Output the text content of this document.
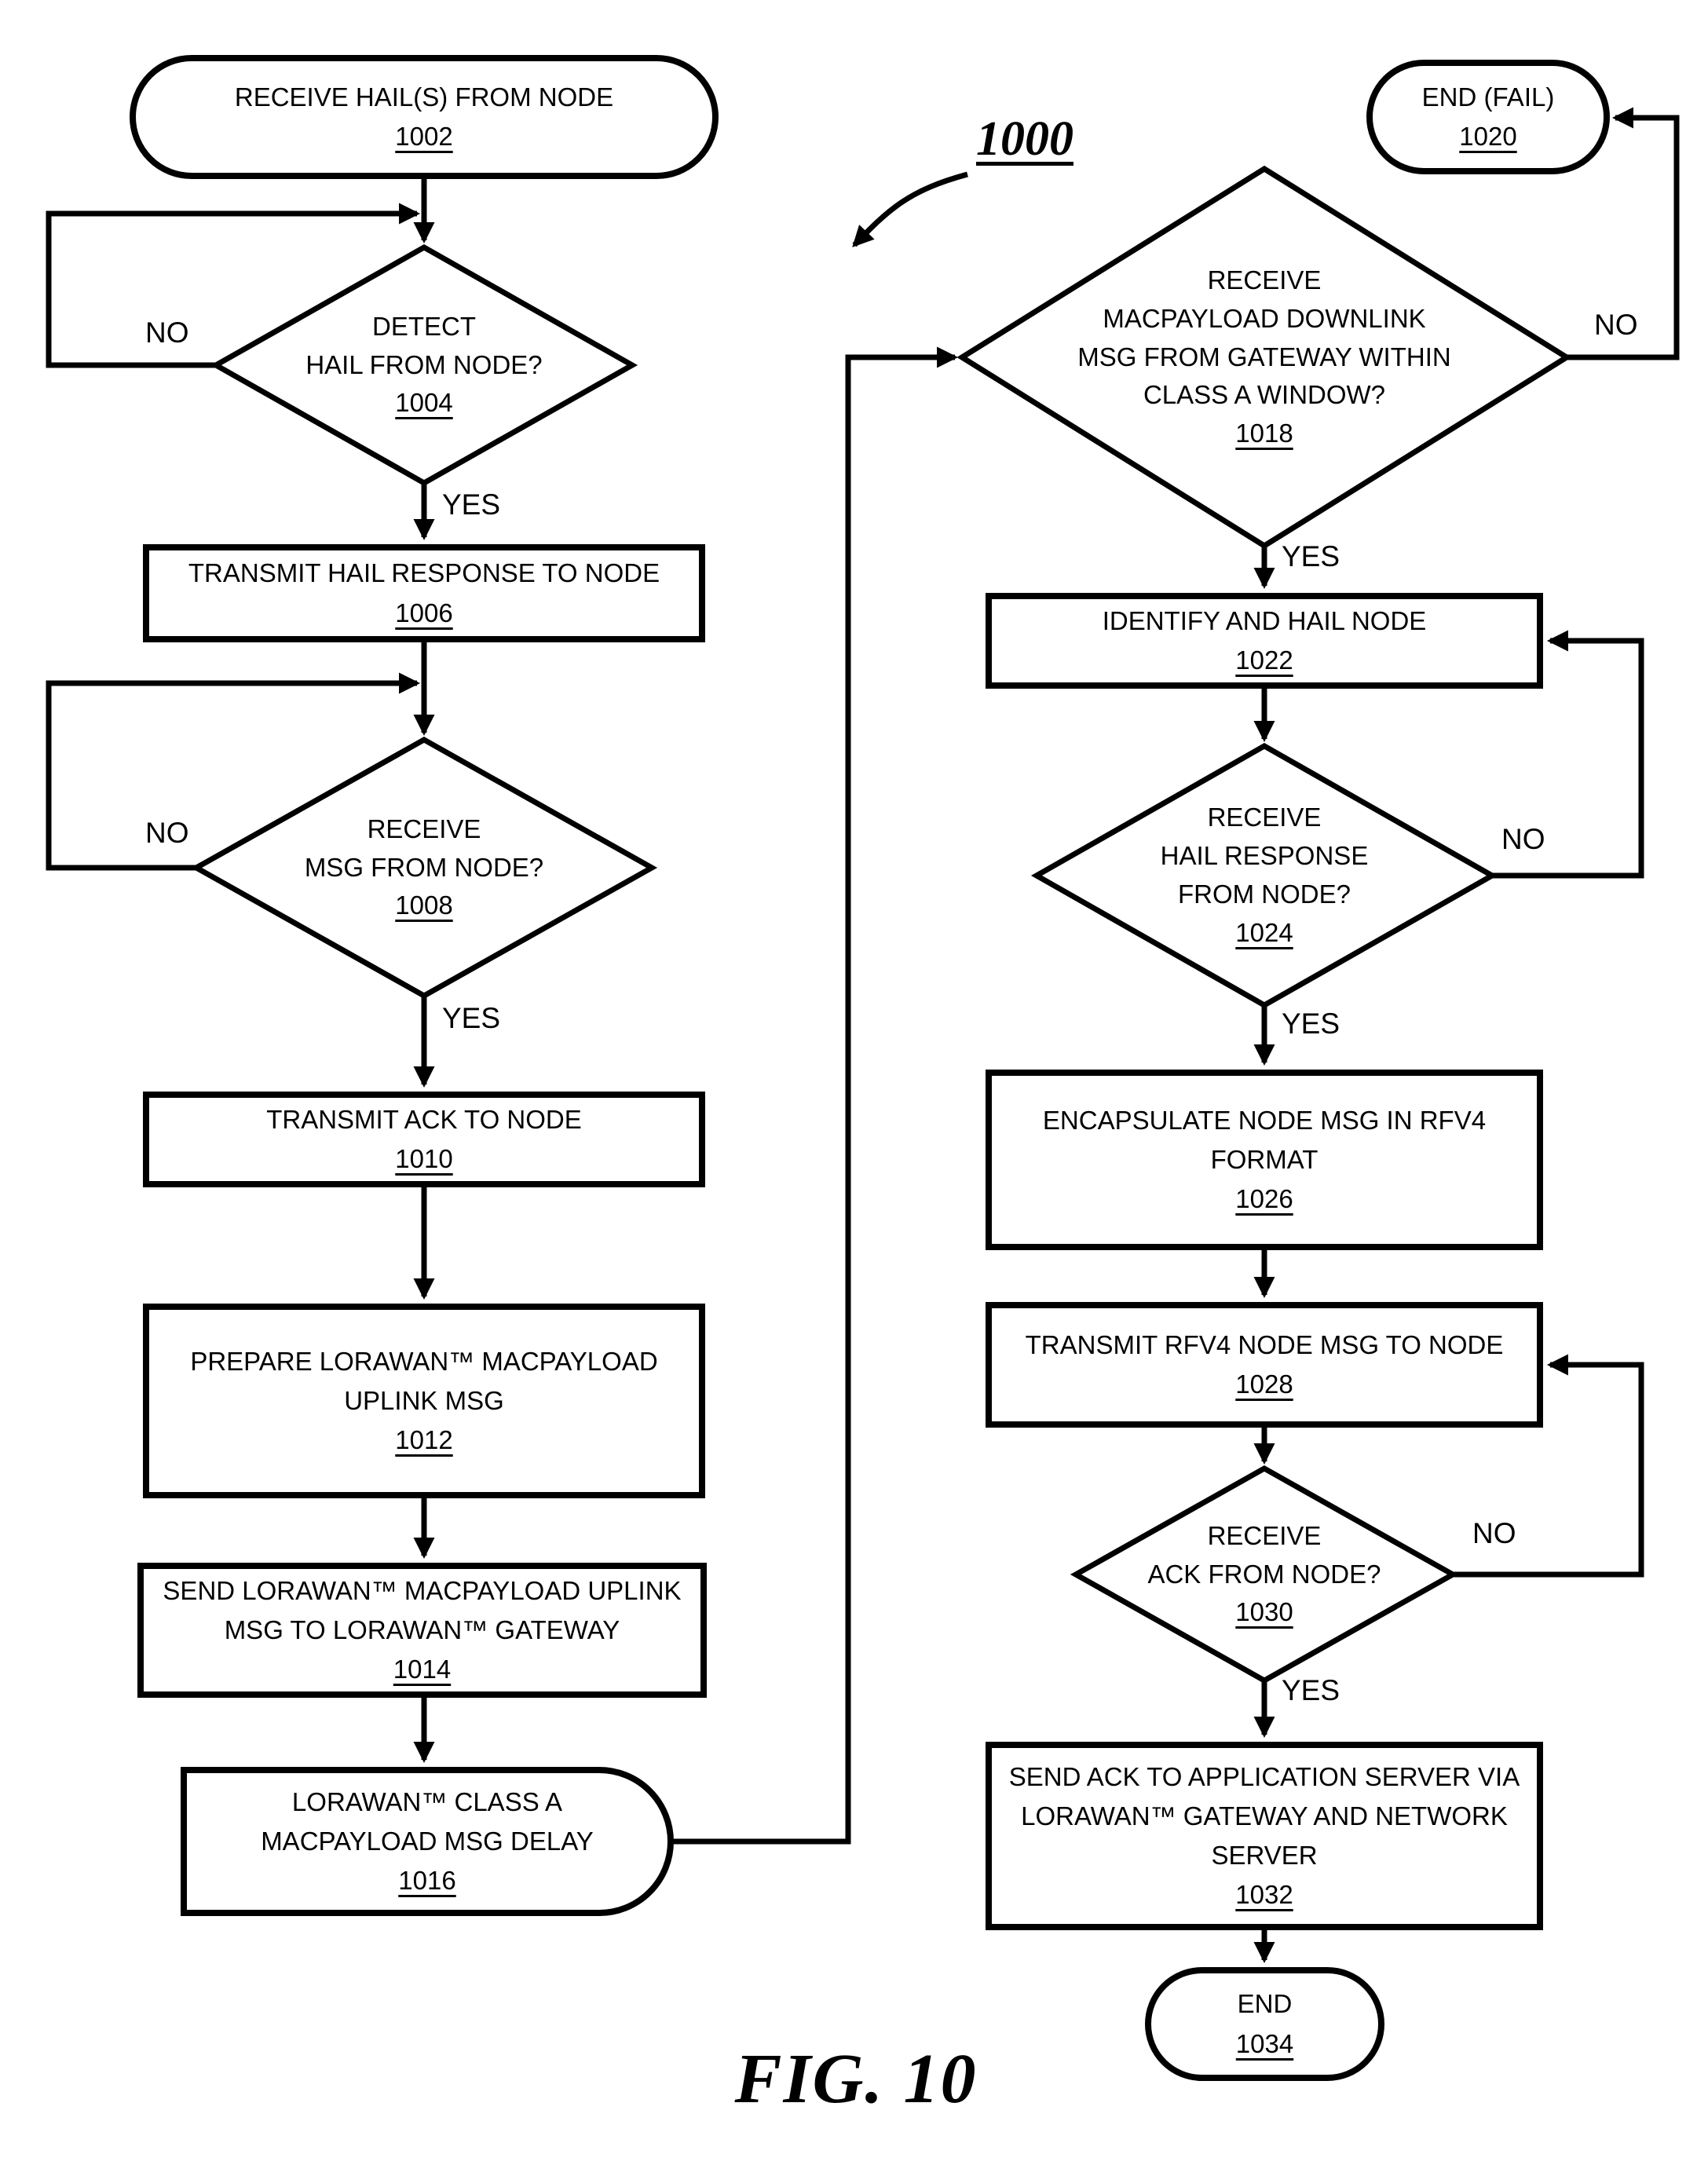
RECEIVE HAIL(S) FROM NODE
1002
DETECT
HAIL FROM NODE?
1004
TRANSMIT HAIL RESPONSE TO NODE
1006
RECEIVE
MSG FROM NODE?
1008
TRANSMIT ACK TO NODE
1010
PREPARE LORAWAN™ MACPAYLOAD
UPLINK MSG
1012
SEND LORAWAN™ MACPAYLOAD UPLINK
MSG TO LORAWAN™ GATEWAY
1014
LORAWAN™ CLASS A
MACPAYLOAD MSG DELAY
1016
END (FAIL)
1020
RECEIVE
MACPAYLOAD DOWNLINK
MSG FROM GATEWAY WITHIN
CLASS A WINDOW?
1018
IDENTIFY AND HAIL NODE
1022
RECEIVE
HAIL RESPONSE
FROM NODE?
1024
ENCAPSULATE NODE MSG IN RFV4
FORMAT
1026
TRANSMIT RFV4 NODE MSG TO NODE
1028
RECEIVE
ACK FROM NODE?
1030
SEND ACK TO APPLICATION SERVER VIA
LORAWAN™ GATEWAY AND NETWORK
SERVER
1032
END
1034
NO
YES
NO
YES
NO
YES
NO
YES
NO
YES
1000
FIG. 10
